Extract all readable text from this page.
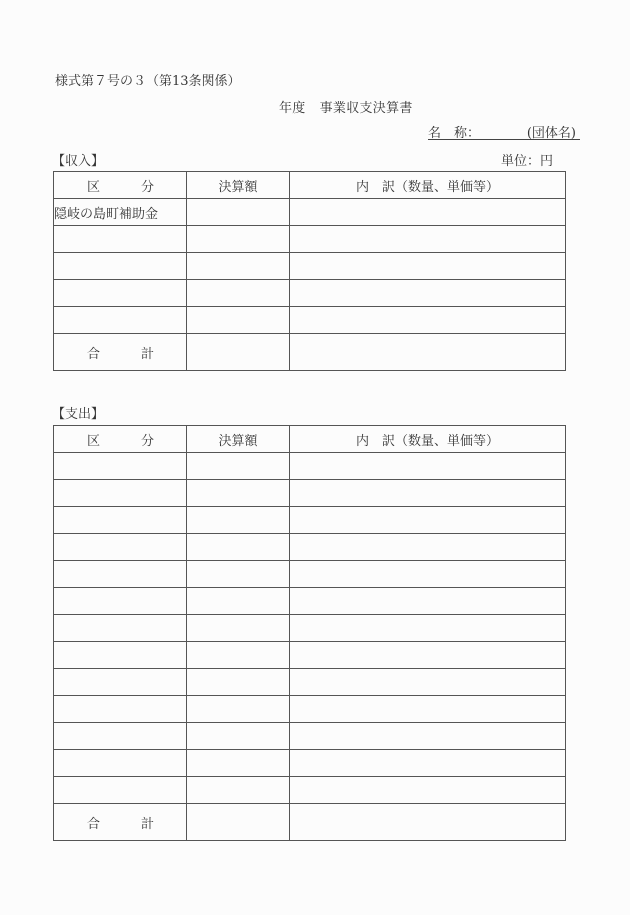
様式第７号の３（第13条関係）
年度 事業収支決算書
名　称：	(団体名)
【収入】	単位：円
区 分	決算額	内　訳（数量、単価等）
隠岐の島町補助金		

合 計		

【支出】
区 分	決算額	内　訳（数量、単価等）

合 計		
